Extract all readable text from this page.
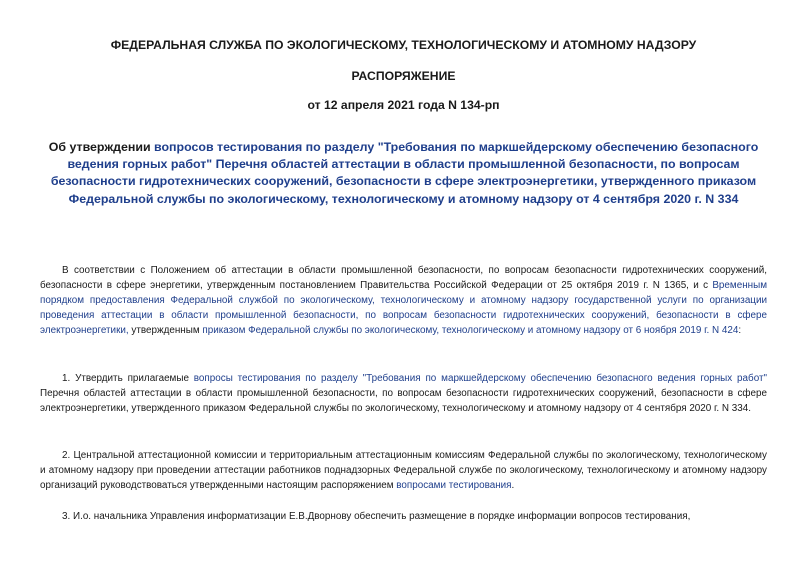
ФЕДЕРАЛЬНАЯ СЛУЖБА ПО ЭКОЛОГИЧЕСКОМУ, ТЕХНОЛОГИЧЕСКОМУ И АТОМНОМУ НАДЗОРУ
РАСПОРЯЖЕНИЕ
от 12 апреля 2021 года N 134-рп
Об утверждении вопросов тестирования по разделу "Требования по маркшейдерскому обеспечению безопасного ведения горных работ" Перечня областей аттестации в области промышленной безопасности, по вопросам безопасности гидротехнических сооружений, безопасности в сфере электроэнергетики, утвержденного приказом Федеральной службы по экологическому, технологическому и атомному надзору от 4 сентября 2020 г. N 334

В соответствии с Положением об аттестации в области промышленной безопасности, по вопросам безопасности гидротехнических сооружений, безопасности в сфере энергетики, утвержденным постановлением Правительства Российской Федерации от 25 октября 2019 г. N 1365, и с Временным порядком предоставления Федеральной службой по экологическому, технологическому и атомному надзору государственной услуги по организации проведения аттестации в области промышленной безопасности, по вопросам безопасности гидротехнических сооружений, безопасности в сфере электроэнергетики, утвержденным приказом Федеральной службы по экологическому, технологическому и атомному надзору от 6 ноября 2019 г. N 424:

1. Утвердить прилагаемые вопросы тестирования по разделу "Требования по маркшейдерскому обеспечению безопасного ведения горных работ" Перечня областей аттестации в области промышленной безопасности, по вопросам безопасности гидротехнических сооружений, безопасности в сфере электроэнергетики, утвержденного приказом Федеральной службы по экологическому, технологическому и атомному надзору от 4 сентября 2020 г. N 334.

2. Центральной аттестационной комиссии и территориальным аттестационным комиссиям Федеральной службы по экологическому, технологическому и атомному надзору при проведении аттестации работников поднадзорных Федеральной службе по экологическому, технологическому и атомному надзору организаций руководствоваться утвержденными настоящим распоряжением вопросами тестирования.

3. И.о. начальника Управления информатизации Е.В.Дворнову обеспечить размещение в порядке информации вопросов тестирования,
